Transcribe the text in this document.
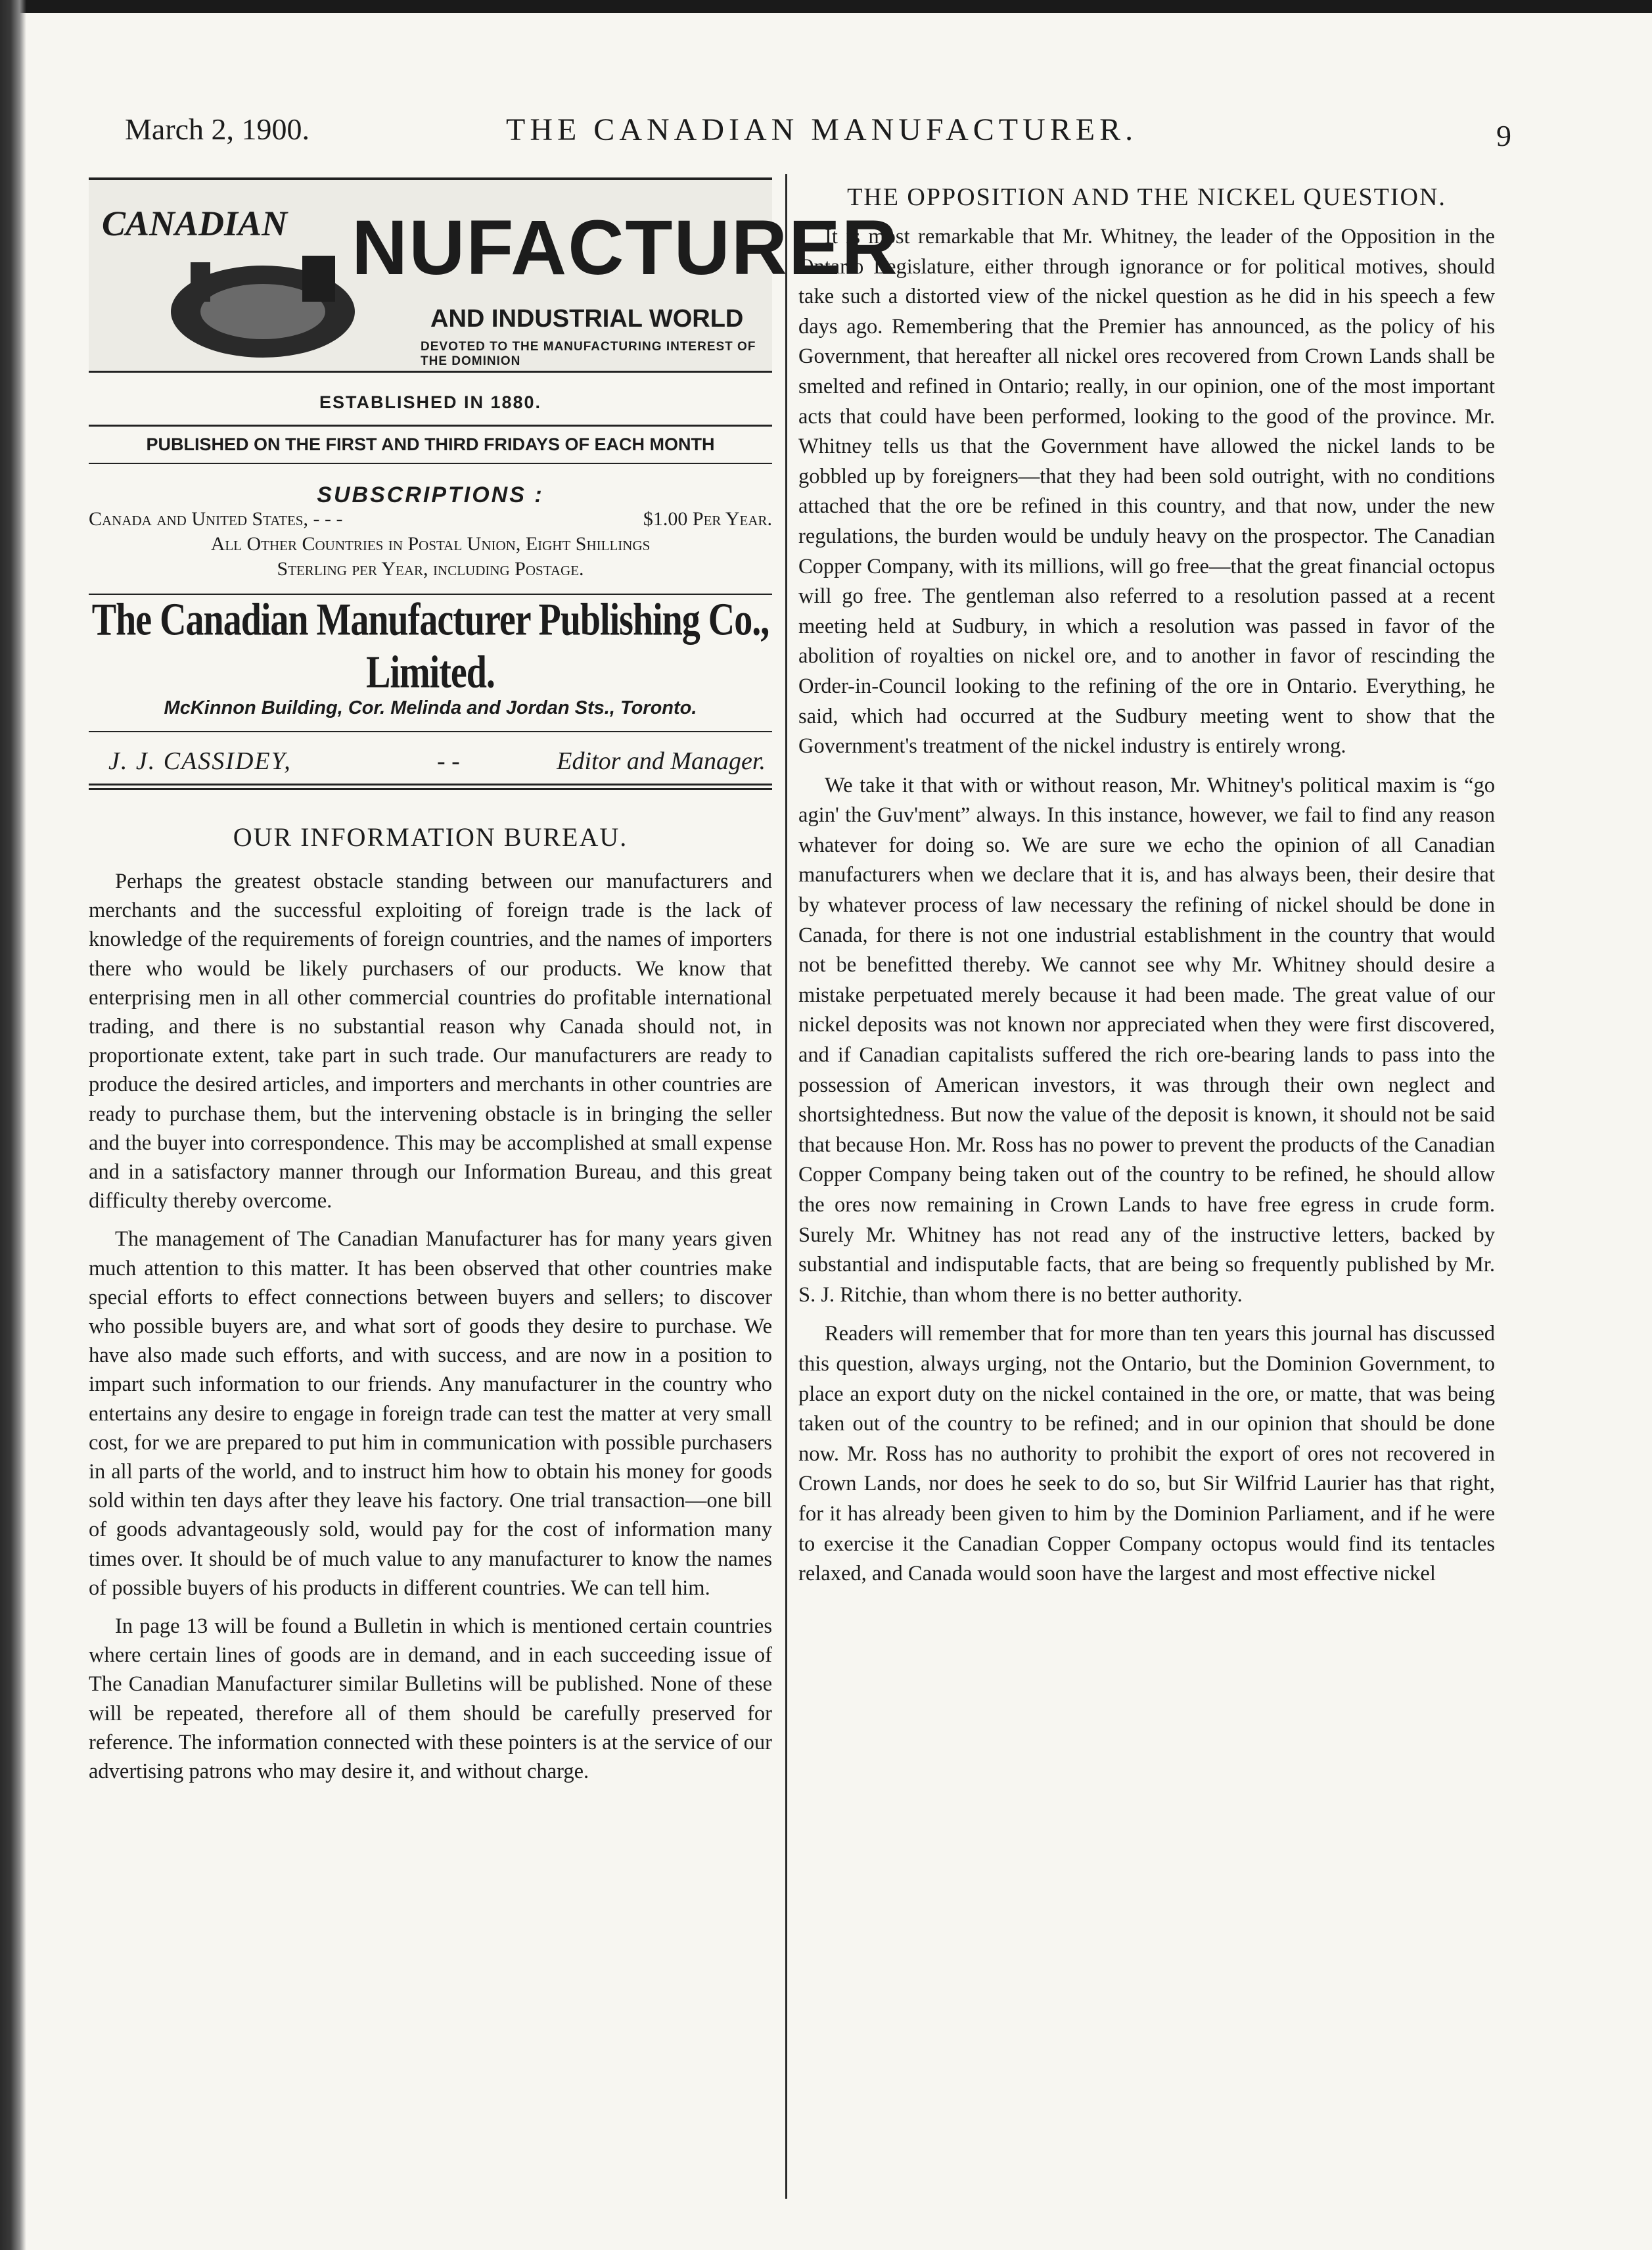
March 2, 1900.	THE CANADIAN MANUFACTURER.	9
CANADIAN NUFACTURER
AND INDUSTRIAL WORLD
DEVOTED TO THE MANUFACTURING INTEREST OF THE DOMINION
ESTABLISHED IN 1880.
PUBLISHED ON THE FIRST AND THIRD FRIDAYS OF EACH MONTH
SUBSCRIPTIONS :
Canada and United States, - - -	$1.00 Per Year.
All Other Countries in Postal Union, Eight Shillings
Sterling per Year, including Postage.
The Canadian Manufacturer Publishing Co., Limited.
McKinnon Building, Cor. Melinda and Jordan Sts., Toronto.
J. J. CASSIDEY,	- -	Editor and Manager.
OUR INFORMATION BUREAU.

Perhaps the greatest obstacle standing between our manufacturers and merchants and the successful exploiting of foreign trade is the lack of knowledge of the requirements of foreign countries, and the names of importers there who would be likely purchasers of our products. We know that enterprising men in all other commercial countries do profitable international trading, and there is no substantial reason why Canada should not, in proportionate extent, take part in such trade. Our manufacturers are ready to produce the desired articles, and importers and merchants in other countries are ready to purchase them, but the intervening obstacle is in bringing the seller and the buyer into correspondence. This may be accomplished at small expense and in a satisfactory manner through our Information Bureau, and this great difficulty thereby overcome.

The management of The Canadian Manufacturer has for many years given much attention to this matter. It has been observed that other countries make special efforts to effect connections between buyers and sellers; to discover who possible buyers are, and what sort of goods they desire to purchase. We have also made such efforts, and with success, and are now in a position to impart such information to our friends. Any manufacturer in the country who entertains any desire to engage in foreign trade can test the matter at very small cost, for we are prepared to put him in communication with possible purchasers in all parts of the world, and to instruct him how to obtain his money for goods sold within ten days after they leave his factory. One trial transaction—one bill of goods advantageously sold, would pay for the cost of information many times over. It should be of much value to any manufacturer to know the names of possible buyers of his products in different countries. We can tell him.

In page 13 will be found a Bulletin in which is mentioned certain countries where certain lines of goods are in demand, and in each succeeding issue of The Canadian Manufacturer similar Bulletins will be published. None of these will be repeated, therefore all of them should be carefully preserved for reference. The information connected with these pointers is at the service of our advertising patrons who may desire it, and without charge.

THE OPPOSITION AND THE NICKEL QUESTION.

It is most remarkable that Mr. Whitney, the leader of the Opposition in the Ontario Legislature, either through ignorance or for political motives, should take such a distorted view of the nickel question as he did in his speech a few days ago. Remembering that the Premier has announced, as the policy of his Government, that hereafter all nickel ores recovered from Crown Lands shall be smelted and refined in Ontario; really, in our opinion, one of the most important acts that could have been performed, looking to the good of the province. Mr. Whitney tells us that the Government have allowed the nickel lands to be gobbled up by foreigners—that they had been sold outright, with no conditions attached that the ore be refined in this country, and that now, under the new regulations, the burden would be unduly heavy on the prospector. The Canadian Copper Company, with its millions, will go free—that the great financial octopus will go free. The gentleman also referred to a resolution passed at a recent meeting held at Sudbury, in which a resolution was passed in favor of the abolition of royalties on nickel ore, and to another in favor of rescinding the Order-in-Council looking to the refining of the ore in Ontario. Everything, he said, which had occurred at the Sudbury meeting went to show that the Government's treatment of the nickel industry is entirely wrong.

We take it that with or without reason, Mr. Whitney's political maxim is “go agin' the Guv'ment” always. In this instance, however, we fail to find any reason whatever for doing so. We are sure we echo the opinion of all Canadian manufacturers when we declare that it is, and has always been, their desire that by whatever process of law necessary the refining of nickel should be done in Canada, for there is not one industrial establishment in the country that would not be benefitted thereby. We cannot see why Mr. Whitney should desire a mistake perpetuated merely because it had been made. The great value of our nickel deposits was not known nor appreciated when they were first discovered, and if Canadian capitalists suffered the rich ore-bearing lands to pass into the possession of American investors, it was through their own neglect and shortsightedness. But now the value of the deposit is known, it should not be said that because Hon. Mr. Ross has no power to prevent the products of the Canadian Copper Company being taken out of the country to be refined, he should allow the ores now remaining in Crown Lands to have free egress in crude form. Surely Mr. Whitney has not read any of the instructive letters, backed by substantial and indisputable facts, that are being so frequently published by Mr. S. J. Ritchie, than whom there is no better authority.

Readers will remember that for more than ten years this journal has discussed this question, always urging, not the Ontario, but the Dominion Government, to place an export duty on the nickel contained in the ore, or matte, that was being taken out of the country to be refined; and in our opinion that should be done now. Mr. Ross has no authority to prohibit the export of ores not recovered in Crown Lands, nor does he seek to do so, but Sir Wilfrid Laurier has that right, for it has already been given to him by the Dominion Parliament, and if he were to exercise it the Canadian Copper Company octopus would find its tentacles relaxed, and Canada would soon have the largest and most effective nickel
